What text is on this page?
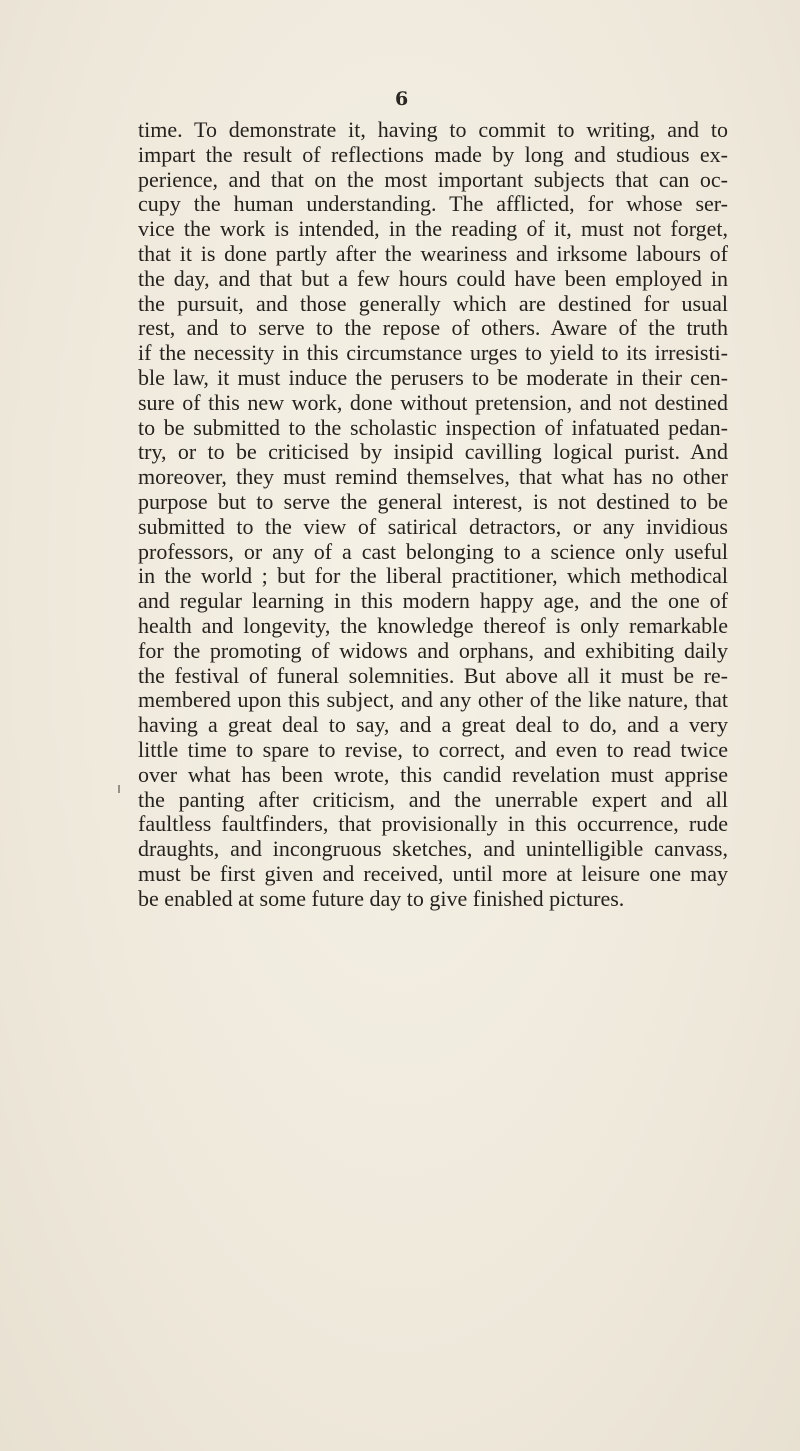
6
time. To demonstrate it, having to commit to writing, and to
impart the result of reflections made by long and studious ex-
perience, and that on the most important subjects that can oc-
cupy the human understanding. The afflicted, for whose ser-
vice the work is intended, in the reading of it, must not forget,
that it is done partly after the weariness and irksome labours of
the day, and that but a few hours could have been employed in
the pursuit, and those generally which are destined for usual
rest, and to serve to the repose of others. Aware of the truth
if the necessity in this circumstance urges to yield to its irresisti-
ble law, it must induce the perusers to be moderate in their cen-
sure of this new work, done without pretension, and not destined
to be submitted to the scholastic inspection of infatuated pedan-
try, or to be criticised by insipid cavilling logical purist. And
moreover, they must remind themselves, that what has no other
purpose but to serve the general interest, is not destined to be
submitted to the view of satirical detractors, or any invidious
professors, or any of a cast belonging to a science only useful
in the world ; but for the liberal practitioner, which methodical
and regular learning in this modern happy age, and the one of
health and longevity, the knowledge thereof is only remarkable
for the promoting of widows and orphans, and exhibiting daily
the festival of funeral solemnities. But above all it must be re-
membered upon this subject, and any other of the like nature, that
having a great deal to say, and a great deal to do, and a very
little time to spare to revise, to correct, and even to read twice
over what has been wrote, this candid revelation must apprise
the panting after criticism, and the unerrable expert and all
faultless faultfinders, that provisionally in this occurrence, rude
draughts, and incongruous sketches, and unintelligible canvass,
must be first given and received, until more at leisure one may
be enabled at some future day to give finished pictures.
